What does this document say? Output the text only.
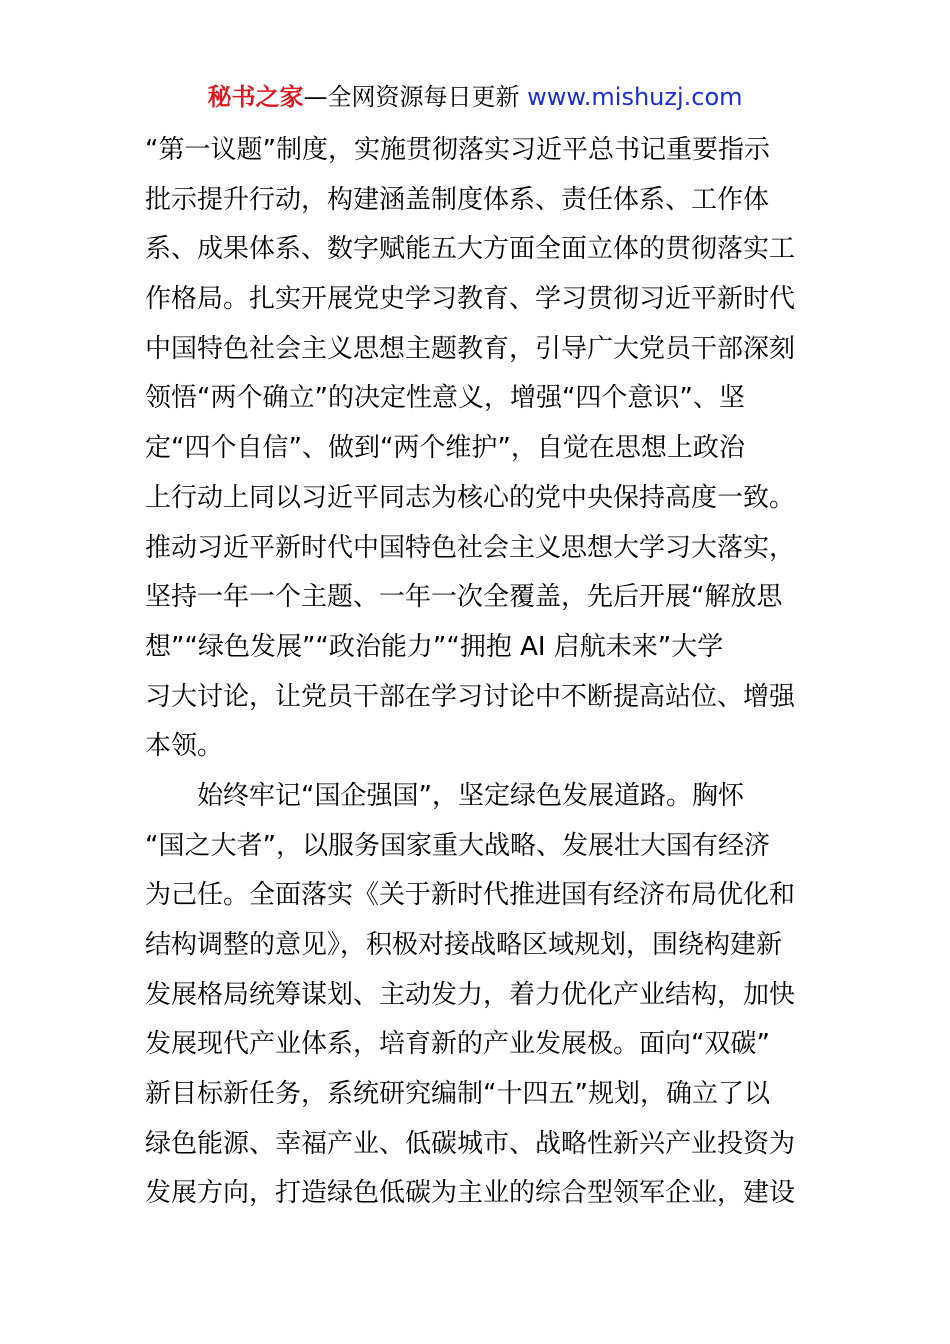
秘书之家—全网资源每日更新 www.mishuzj.com
“第一议题”制度，实施贯彻落实习近平总书记重要指示
批示提升行动，构建涵盖制度体系、责任体系、工作体
系、成果体系、数字赋能五大方面全面立体的贯彻落实工
作格局。扎实开展党史学习教育、学习贯彻习近平新时代
中国特色社会主义思想主题教育，引导广大党员干部深刻
领悟“两个确立”的决定性意义，增强“四个意识”、坚
定“四个自信”、做到“两个维护”，自觉在思想上政治
上行动上同以习近平同志为核心的党中央保持高度一致。
推动习近平新时代中国特色社会主义思想大学习大落实，
坚持一年一个主题、一年一次全覆盖，先后开展“解放思
想”“绿色发展”“政治能力”“拥抱 AI 启航未来”大学
习大讨论，让党员干部在学习讨论中不断提高站位、增强
本领。
　　始终牢记“国企强国”，坚定绿色发展道路。胸怀
“国之大者”，以服务国家重大战略、发展壮大国有经济
为己任。全面落实《关于新时代推进国有经济布局优化和
结构调整的意见》，积极对接战略区域规划，围绕构建新
发展格局统筹谋划、主动发力，着力优化产业结构，加快
发展现代产业体系，培育新的产业发展极。面向“双碳”
新目标新任务，系统研究编制“十四五”规划，确立了以
绿色能源、幸福产业、低碳城市、战略性新兴产业投资为
发展方向，打造绿色低碳为主业的综合型领军企业，建设
